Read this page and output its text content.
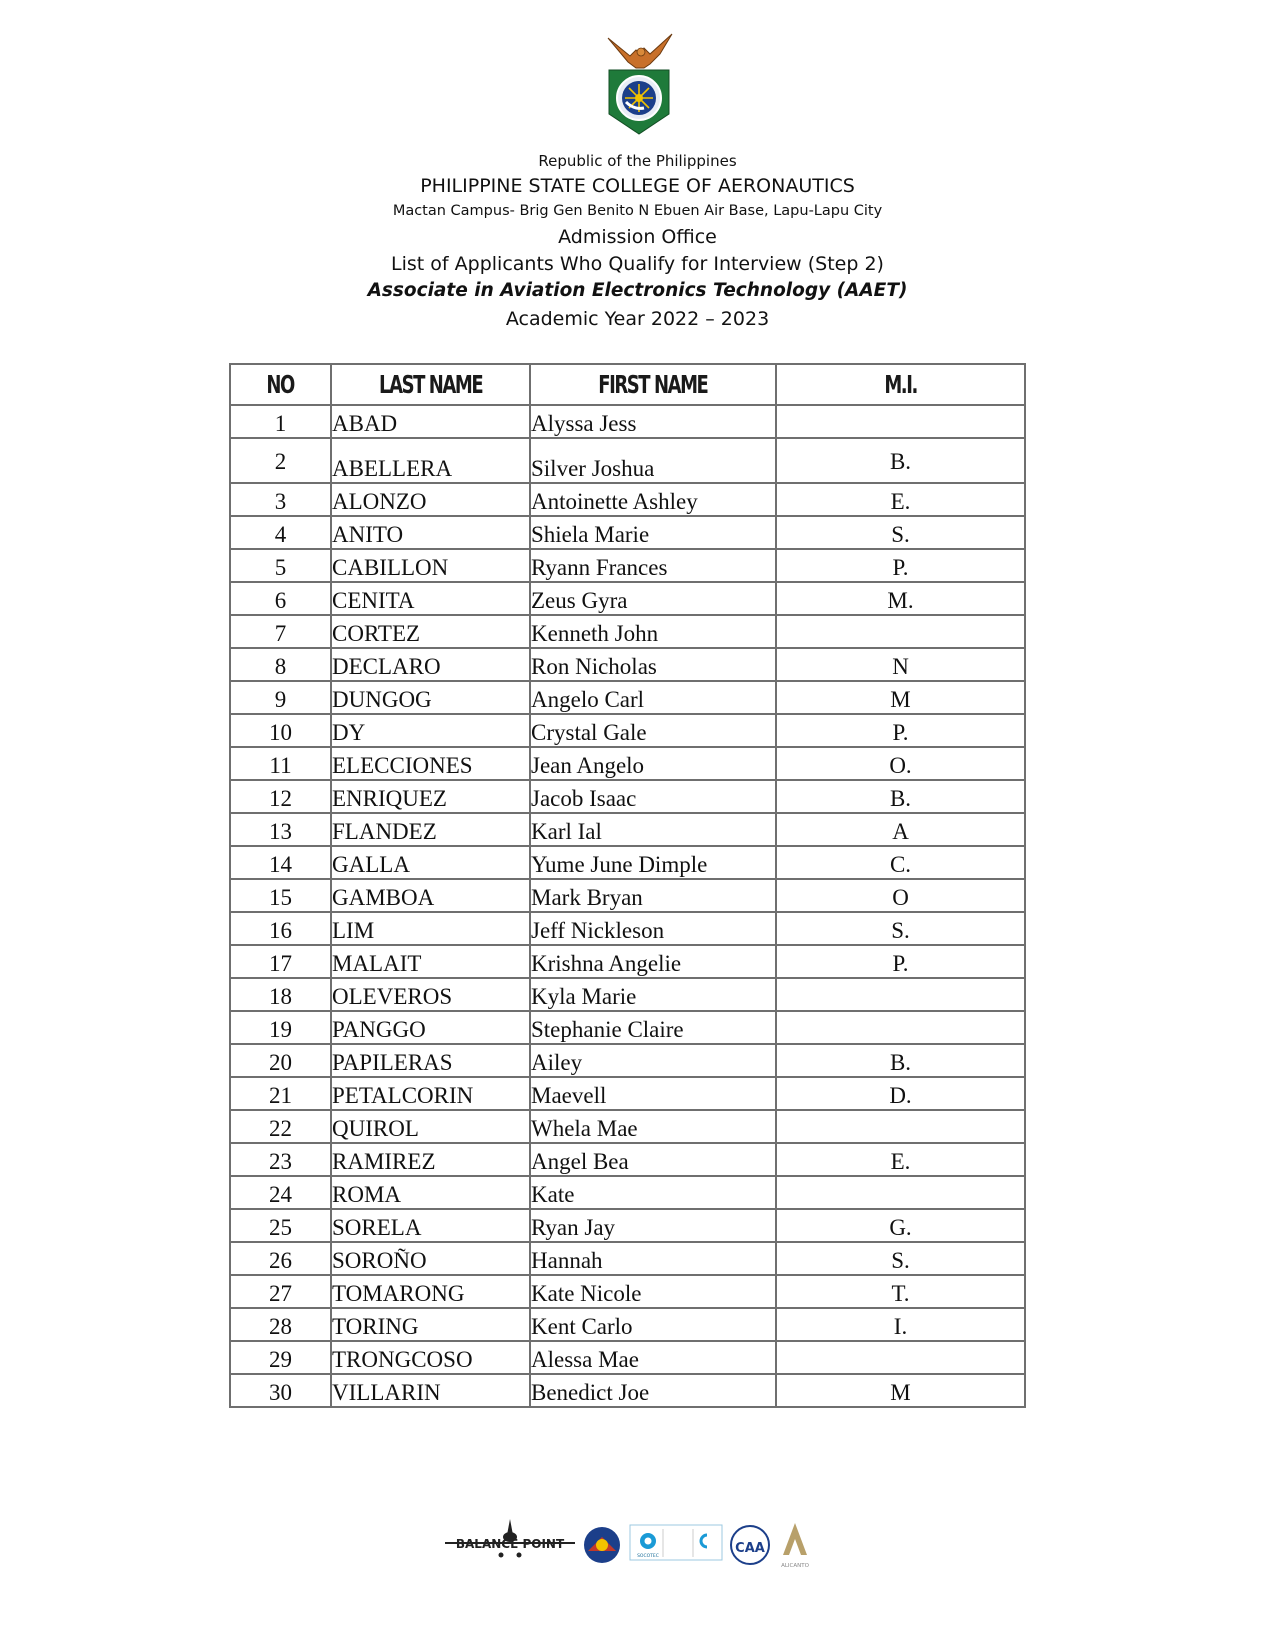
Republic of the Philippines
PHILIPPINE STATE COLLEGE OF AERONAUTICS
Mactan Campus- Brig Gen Benito N Ebuen Air Base, Lapu-Lapu City
Admission Office
List of Applicants Who Qualify for Interview (Step 2)
Associate in Aviation Electronics Technology (AAET)
Academic Year 2022 – 2023
NO	LAST NAME	FIRST NAME	M.I.
1	ABAD	Alyssa Jess	
2	ABELLERA	Silver Joshua	B.
3	ALONZO	Antoinette Ashley	E.
4	ANITO	Shiela Marie	S.
5	CABILLON	Ryann Frances	P.
6	CENITA	Zeus Gyra	M.
7	CORTEZ	Kenneth John	
8	DECLARO	Ron Nicholas	N
9	DUNGOG	Angelo Carl	M
10	DY	Crystal Gale	P.
11	ELECCIONES	Jean Angelo	O.
12	ENRIQUEZ	Jacob Isaac	B.
13	FLANDEZ	Karl Ial	A
14	GALLA	Yume June Dimple	C.
15	GAMBOA	Mark Bryan	O
16	LIM	Jeff Nickleson	S.
17	MALAIT	Krishna Angelie	P.
18	OLEVEROS	Kyla Marie	
19	PANGGO	Stephanie Claire	
20	PAPILERAS	Ailey	B.
21	PETALCORIN	Maevell	D.
22	QUIROL	Whela Mae	
23	RAMIREZ	Angel Bea	E.
24	ROMA	Kate	
25	SORELA	Ryan Jay	G.
26	SOROÑO	Hannah	S.
27	TOMARONG	Kate Nicole	T.
28	TORING	Kent Carlo	I.
29	TRONGCOSO	Alessa Mae	
30	VILLARIN	Benedict Joe	M
BALANCE POINT
SOCOTEC
CAA
ALICANTO
